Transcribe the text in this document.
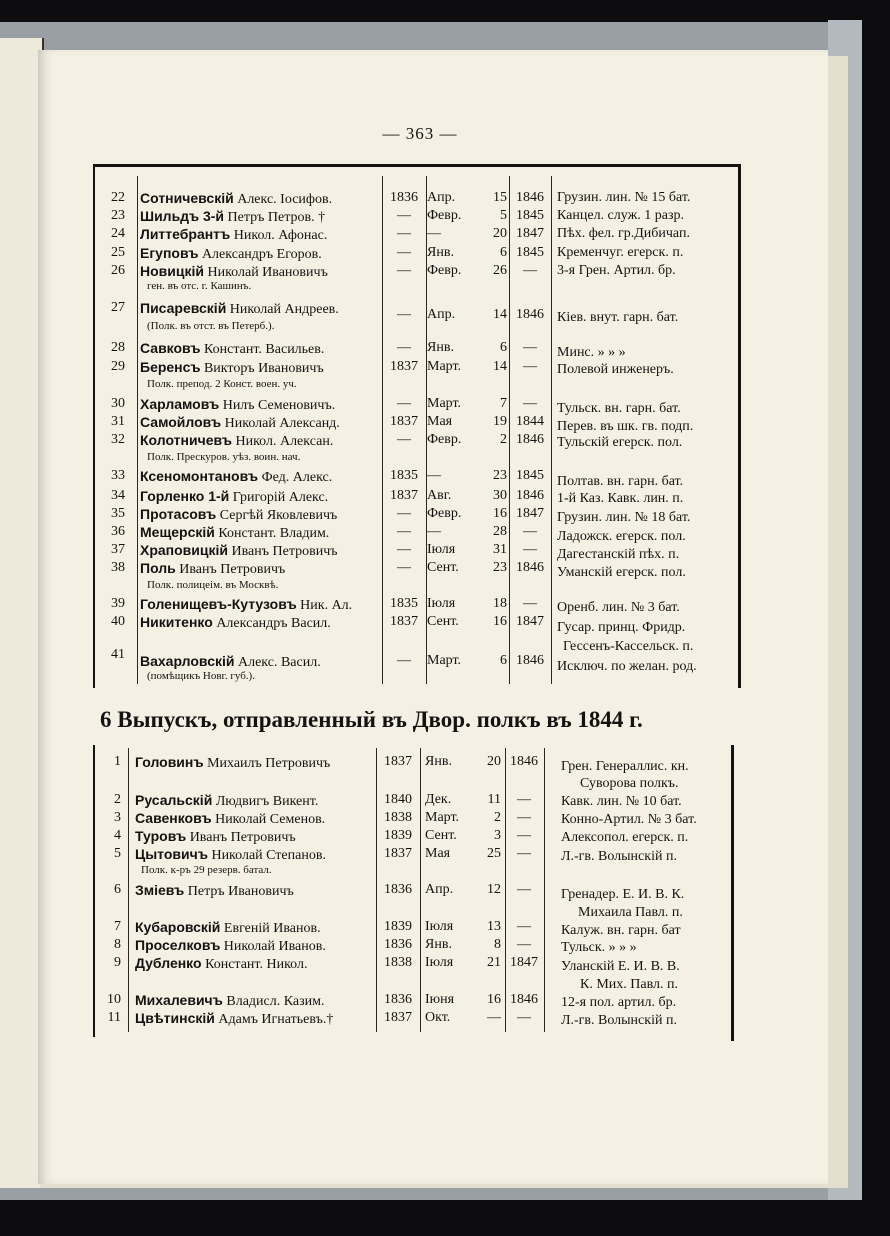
— 363 —
22 Сотничевскій Алекс. Іосифов.	1836 Апр.	15 1846 Грузин. лин. № 15 бат.
23 Шильдъ 3-й Петръ Петров. †	—	Февр.	5 1845 Канцел. служ. 1 разр.
24 Литтебрантъ Никол. Афонас.	—	—	20 1847 Пѣх. фел. гр.Дибичап.
25 Егуповъ Александръ Егоров.	—	Янв.	6 1845 Кременчуг. егерск. п.
26 Новицкій Николай Ивановичъ	—	Февр.	26	—	3-я Грен. Артил. бр.
ген. въ отс. г. Кашинъ.
27 Писаревскій Николай Андреев.	—	Апр.	14 1846 Кіев. внут. гарн. бат.
(Полк. въ отст. въ Петерб.).
28 Савковъ Констант. Васильев.	—	Янв.	6	—	Минс. » » »
29 Беренсъ Викторъ Ивановичъ	1837 Март.	14	—	Полевой инженеръ.
Полк. препод. 2 Конст. воен. уч.
30 Харламовъ Нилъ Семеновичъ.	—	Март.	7	—	Тульск. вн. гарн. бат.
31 Самойловъ Николай Александ.	1837 Мая	19 1844 Перев. въ шк. гв. подп.
32 Колотничевъ Никол. Алексан.	—	Февр.	2 1846 Тульскій егерск. пол.
Полк. Прескуров. уѣз. воин. нач.
33 Ксеномонтановъ Фед. Алекс.	1835 —	23 1845 Полтав. вн. гарн. бат.
34 Горленко 1-й Григорій Алекс.	1837 Авг.	30 1846 1-й Каз. Кавк. лин. п.
35 Протасовъ Сергѣй Яковлевичъ	—	Февр.	16 1847 Грузин. лин. № 18 бат.
36 Мещерскій Констант. Владим.	—	—	28	—	Ладожск. егерск. пол.
37 Храповицкій Иванъ Петровичъ	—	Іюля	31	—	Дагестанскій пѣх. п.
38 Поль Иванъ Петровичъ	—	Сент.	23 1846 Уманскій егерск. пол.
Полк. полицеім. въ Москвѣ.
39 Голенищевъ-Кутузовъ Ник. Ал.	1835 Іюля	18	—	Оренб. лин. № 3 бат.
40 Никитенко Александръ Васил.	1837 Сент.	16 1847 Гусар. принц. Фридр.
Гессенъ-Кассельск. п.
41 Вахарловскій Алекс. Васил.	—	Март.	6 1846 Исключ. по желан. род.
(помѣщикъ Новг. губ.).
6 Выпускъ, отправленный въ Двор. полкъ въ 1844 г.
1 Головинъ Михаилъ Петровичъ	1837 Янв.	20 1846	Грен. Генераллис. кн.
Суворова полкъ.
2 Русальскій Людвигъ Викент.	1840 Дек.	11	—	Кавк. лин. № 10 бат.
3 Савенковъ Николай Семенов.	1838 Март.	2	—	Конно-Артил. № 3 бат.
4 Туровъ Иванъ Петровичъ	1839 Сент.	3	—	Алексопол. егерск. п.
5 Цытовичъ Николай Степанов.	1837 Мая	25	—	Л.-гв. Волынскій п.
Полк. к-ръ 29 резерв. батал.
6 Зміевъ Петръ Ивановичъ	1836 Апр.	12	—	Гренадер. Е. И. В. К.
Михаила Павл. п.
7 Кубаровскій Евгеній Иванов.	1839 Іюля	13	—	Калуж. вн. гарн. бат
8 Проселковъ Николай Иванов.	1836 Янв.	8	—	Тульск. » » »
9 Дубленко Констант. Никол.	1838 Іюля	21 1847	Уланскій Е. И. В. В.
К. Мих. Павл. п.
10 Михалевичъ Владисл. Казим.	1836 Іюня	16 1846	12-я пол. артил. бр.
11 Цвѣтинскій Адамъ Игнатьевъ.†	1837 Окт.	—	—	Л.-гв. Волынскій п.
